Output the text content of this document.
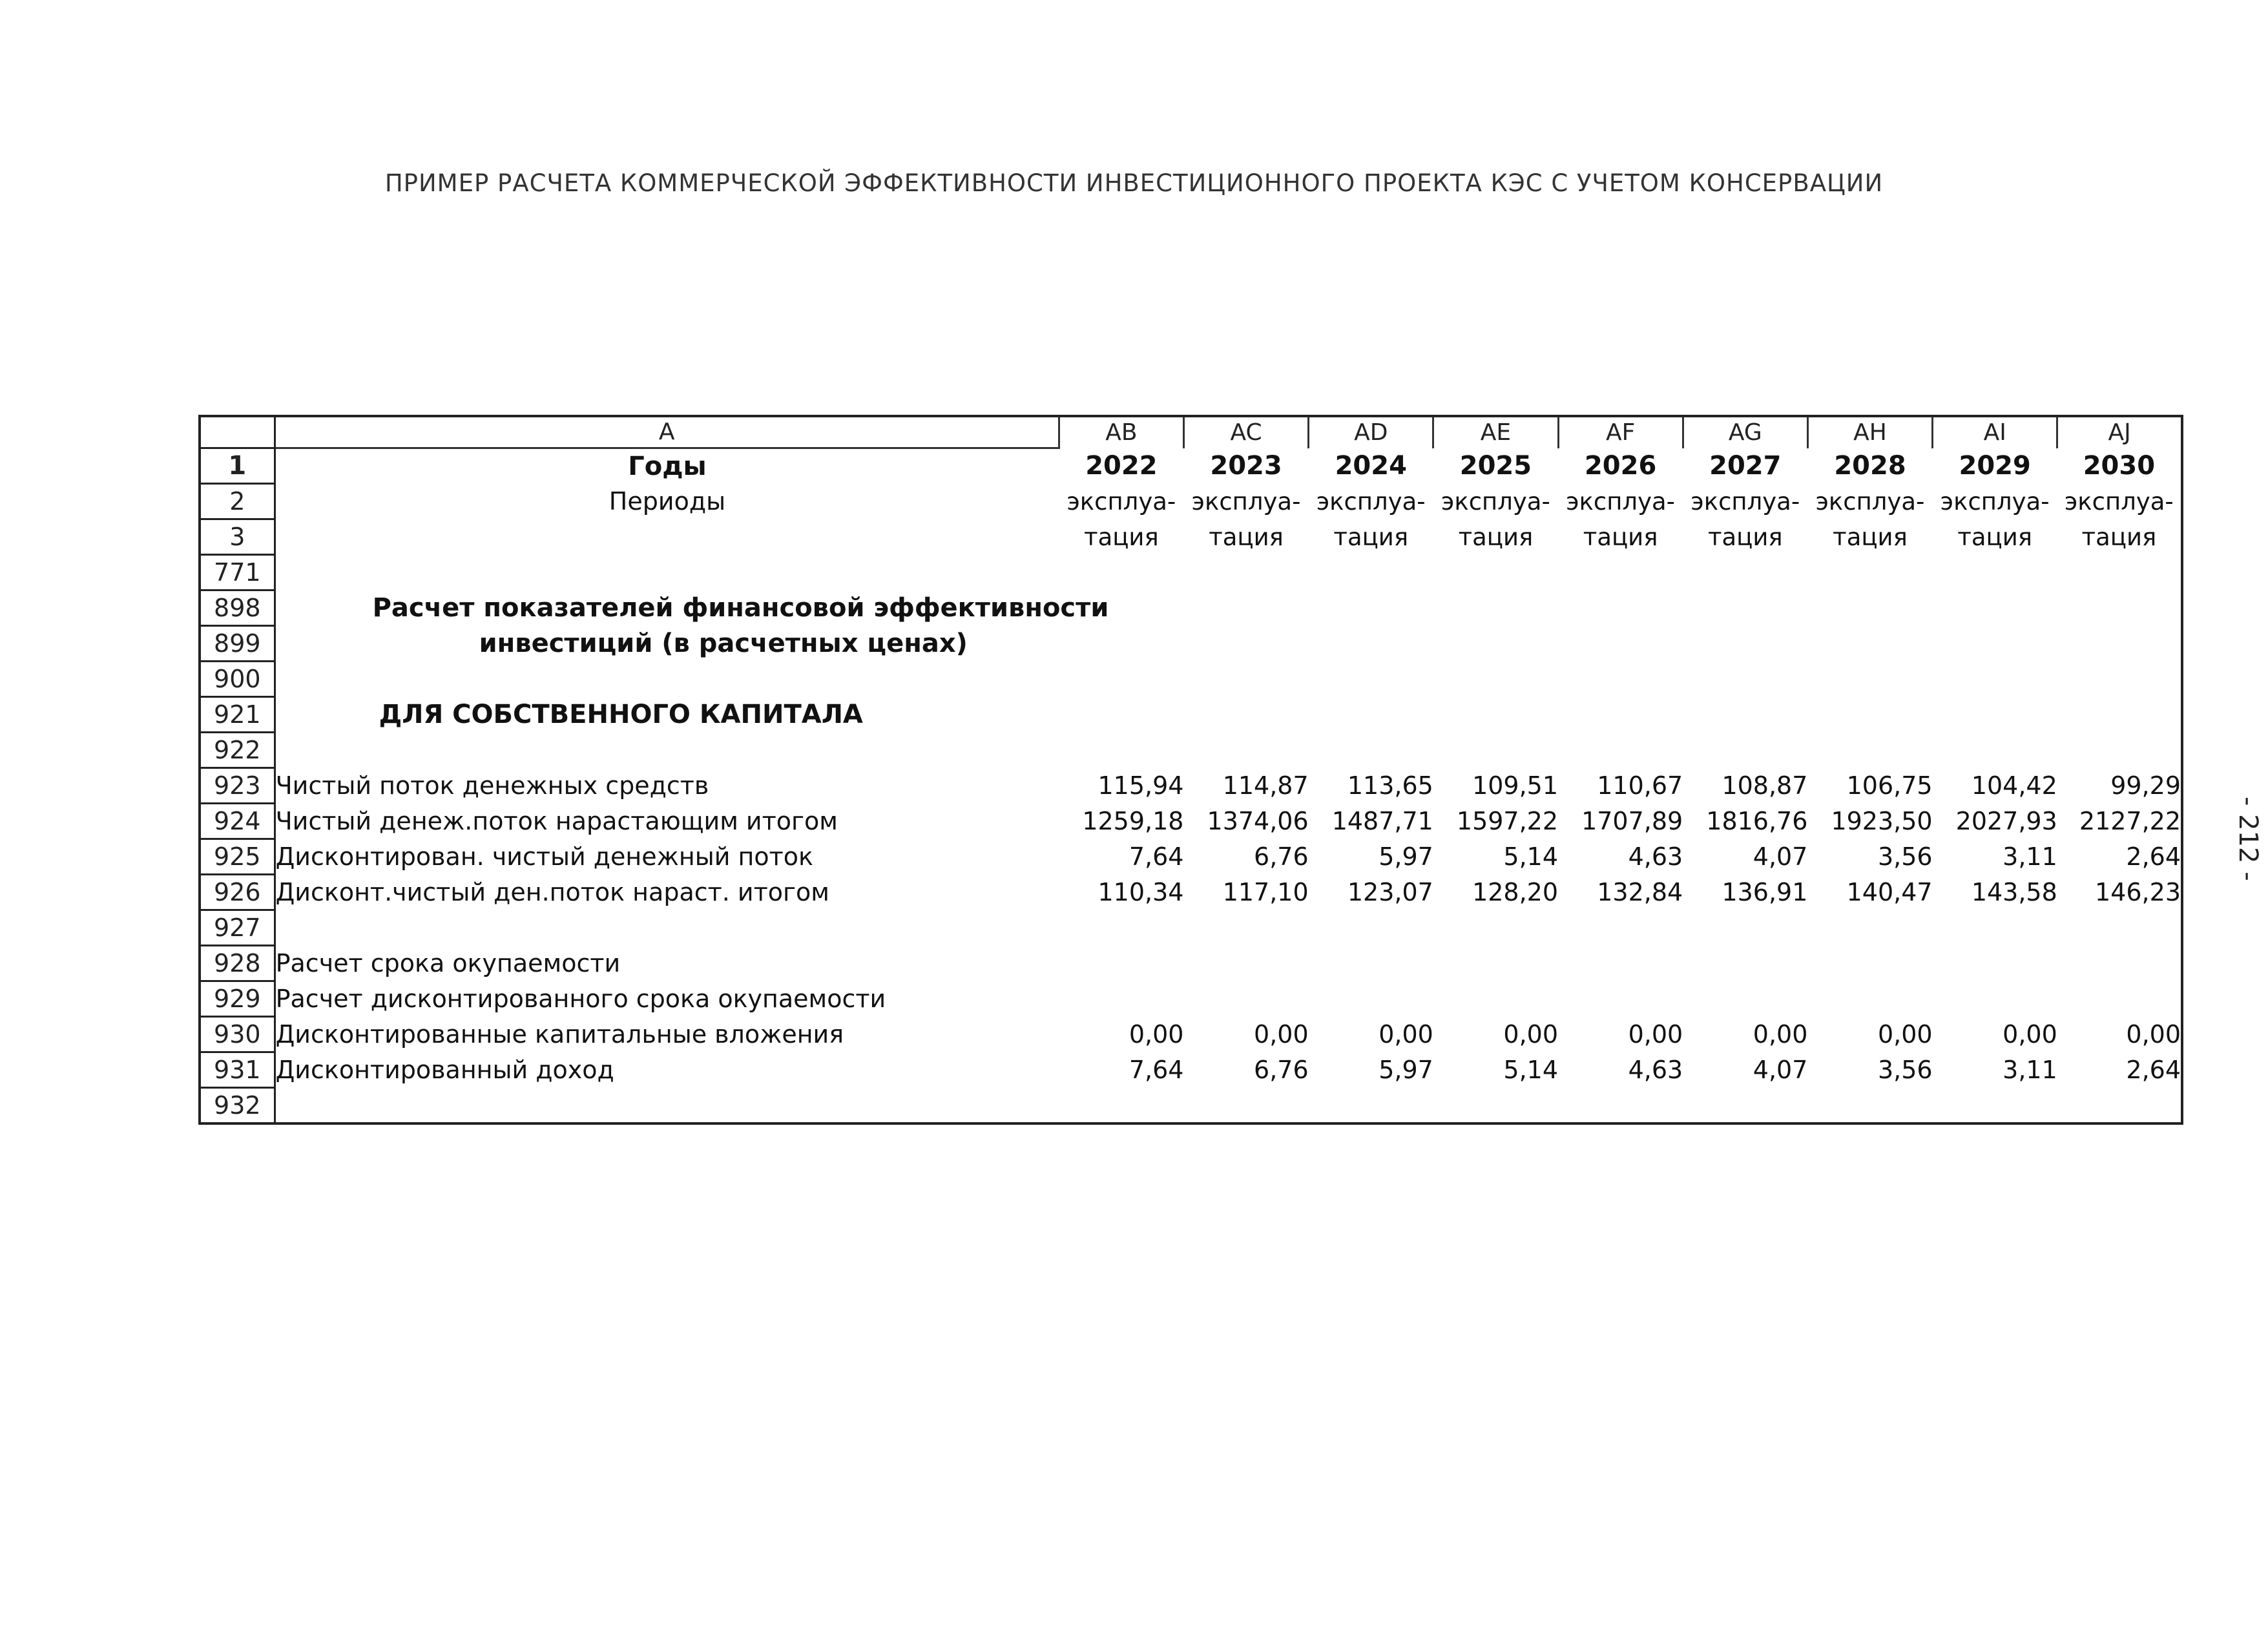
ПРИМЕР РАСЧЕТА КОММЕРЧЕСКОЙ ЭФФЕКТИВНОСТИ ИНВЕСТИЦИОННОГО ПРОЕКТА КЭС С УЧЕТОМ КОНСЕРВАЦИИ
- 212 -
	A	AB	AC	AD	AE	AF	AG	AH	AI	AJ
1	Годы	2022	2023	2024	2025	2026	2027	2028	2029	2030
2	Периоды	эксплуа-	эксплуа-	эксплуа-	эксплуа-	эксплуа-	эксплуа-	эксплуа-	эксплуа-	эксплуа-
3		тация	тация	тация	тация	тация	тация	тация	тация	тация
771										
898	Расчет показателей финансовой эффективности									
899	инвестиций (в расчетных ценах)									
900										
921	ДЛЯ СОБСТВЕННОГО КАПИТАЛА									
922										
923	Чистый поток денежных средств	115,94	114,87	113,65	109,51	110,67	108,87	106,75	104,42	99,29
924	Чистый денеж.поток нарастающим итогом	1259,18	1374,06	1487,71	1597,22	1707,89	1816,76	1923,50	2027,93	2127,22
925	Дисконтирован. чистый денежный поток	7,64	6,76	5,97	5,14	4,63	4,07	3,56	3,11	2,64
926	Дисконт.чистый ден.поток нараст. итогом	110,34	117,10	123,07	128,20	132,84	136,91	140,47	143,58	146,23
927										
928	Расчет срока окупаемости									
929	Расчет дисконтированного срока окупаемости									
930	Дисконтированные капитальные вложения	0,00	0,00	0,00	0,00	0,00	0,00	0,00	0,00	0,00
931	Дисконтированный доход	7,64	6,76	5,97	5,14	4,63	4,07	3,56	3,11	2,64
932										
